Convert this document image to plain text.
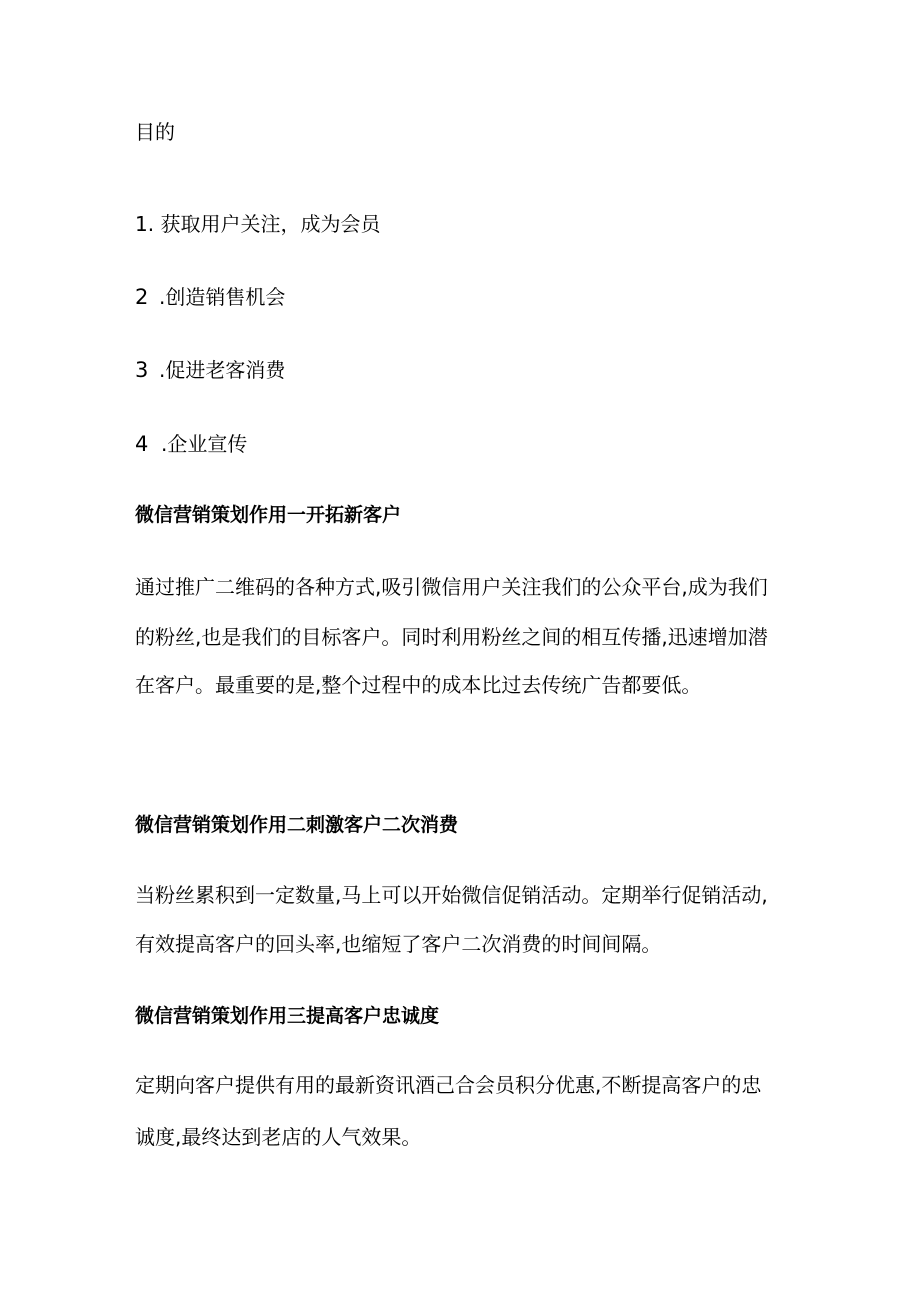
目的

1. 获取用户关注，成为会员

2 .创造销售机会

3 .促进老客消费

4 .企业宣传

微信营销策划作用一开拓新客户

通过推广二维码的各种方式,吸引微信用户关注我们的公众平台,成为我们

的粉丝,也是我们的目标客户。同时利用粉丝之间的相互传播,迅速增加潜

在客户。最重要的是,整个过程中的成本比过去传统广告都要低。

微信营销策划作用二刺激客户二次消费

当粉丝累积到一定数量,马上可以开始微信促销活动。定期举行促销活动,

有效提高客户的回头率,也缩短了客户二次消费的时间间隔。

微信营销策划作用三提高客户忠诚度

定期向客户提供有用的最新资讯酒己合会员积分优惠,不断提高客户的忠

诚度,最终达到老店的人气效果。
